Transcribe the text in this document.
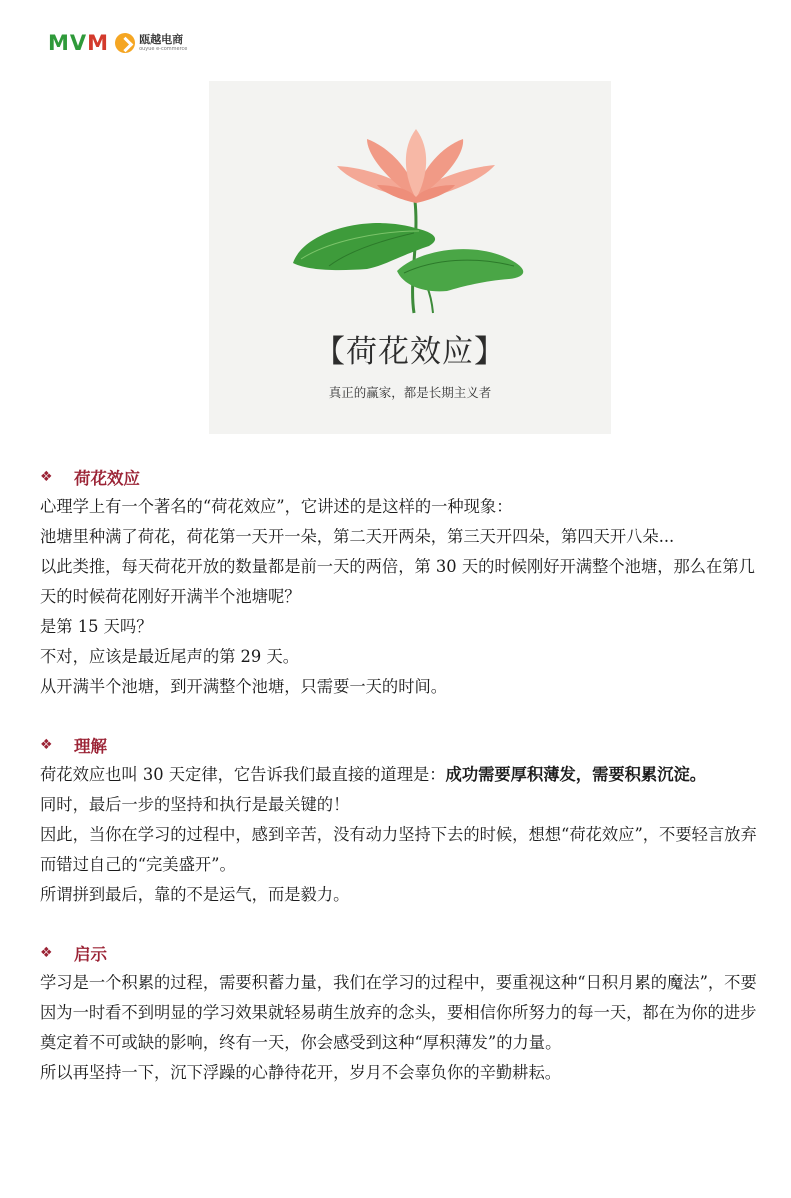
MVM	瓯越电商
ouyue e-commerce
【荷花效应】
真正的赢家，都是长期主义者
❖	荷花效应

心理学上有一个著名的“荷花效应”，它讲述的是这样的一种现象：

池塘里种满了荷花，荷花第一天开一朵，第二天开两朵，第三天开四朵，第四天开八朵...

以此类推，每天荷花开放的数量都是前一天的两倍，第 30 天的时候刚好开满整个池塘，那么在第几天的时候荷花刚好开满半个池塘呢？

是第 15 天吗？

不对，应该是最近尾声的第 29 天。

从开满半个池塘，到开满整个池塘，只需要一天的时间。

❖	理解

荷花效应也叫 30 天定律，它告诉我们最直接的道理是：成功需要厚积薄发，需要积累沉淀。

同时，最后一步的坚持和执行是最关键的！

因此，当你在学习的过程中，感到辛苦，没有动力坚持下去的时候，想想“荷花效应”，不要轻言放弃而错过自己的“完美盛开”。

所谓拼到最后，靠的不是运气，而是毅力。

❖	启示

学习是一个积累的过程，需要积蓄力量，我们在学习的过程中，要重视这种“日积月累的魔法”，不要因为一时看不到明显的学习效果就轻易萌生放弃的念头，要相信你所努力的每一天，都在为你的进步奠定着不可或缺的影响，终有一天，你会感受到这种“厚积薄发”的力量。

所以再坚持一下，沉下浮躁的心静待花开，岁月不会辜负你的辛勤耕耘。
